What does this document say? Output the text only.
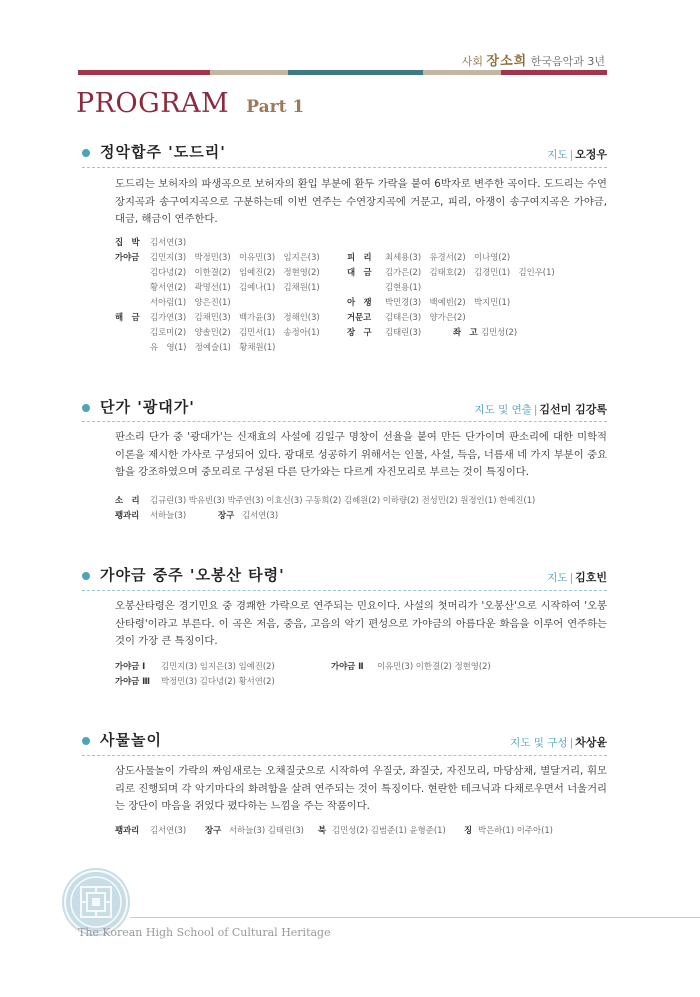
사회 장소희 한국음악과 3년
PROGRAM Part 1
정악합주 '도드리'	지도 | 오정우
도드리는 보허자의 파생곡으로 보허자의 환입 부분에 환두 가락을 붙여 6박자로 변주한 곡이다. 도드리는 수연장지곡과 송구여지곡으로 구분하는데 이번 연주는 수연장지곡에 거문고, 피리, 아쟁이 송구여지곡은 가야금, 대금, 해금이 연주한다.
집　박 김서연(3)
가야금 김민지(3)　박정민(3)　이유민(3)　임지은(3)	피　리 최세용(3)　유경서(2)　이나영(2)
김다녕(2)　이한결(2)　임예진(2)　정현영(2)	대　금 김가은(2)　김태호(2)　김경민(1)　김인우(1)
황서연(2)　곽명선(1)　김예나(1)　김채원(1)	김현용(1)
서아림(1)　양은진(1)	아　쟁 박민경(3)　백예빈(2)　박지민(1)
해　금 김가연(3)　김채민(3)　백가윤(3)　정해인(3)	거문고 김태은(3)　양가은(2)
김로미(2)　양솔민(2)　김민서(1)　송정아(1)	장　구 김태린(3)	좌　고 김민성(2)
유　영(1)　정예슬(1)　황채원(1)
단가 '광대가'	지도 및 연출 | 김선미 김강록
판소리 단가 중 '광대가'는 신재효의 사설에 김일구 명창이 선율을 붙여 만든 단가이며 판소리에 대한 미학적 이론을 제시한 가사로 구성되어 있다. 광대로 성공하기 위해서는 인물, 사설, 득음, 너름새 네 가지 부분이 중요함을 강조하였으며 중모리로 구성된 다른 단가와는 다르게 자진모리로 부르는 것이 특징이다.
소　리 김규린(3) 박유빈(3) 박주연(3) 이효신(3) 구동희(2) 김혜원(2) 이하량(2) 전성민(2) 원정인(1) 한예진(1)
꽹과리 서하늘(3)	장구 김서연(3)
가야금 중주 '오봉산 타령'	지도 | 김호빈
오봉산타령은 경기민요 중 경쾌한 가락으로 연주되는 민요이다. 사설의 첫머리가 '오봉산'으로 시작하여 '오봉산타령'이라고 부른다. 이 곡은 저음, 중음, 고음의 악기 편성으로 가야금의 아름다운 화음을 이루어 연주하는 것이 가장 큰 특징이다.
가야금 Ⅰ 김민지(3) 임지은(3) 임예진(2)	가야금 Ⅱ 이유민(3) 이한결(2) 정현영(2)
가야금 Ⅲ 박정민(3) 김다녕(2) 황서연(2)
사물놀이	지도 및 구성 | 차상윤
삼도사물놀이 가락의 짜임새로는 오채질굿으로 시작하여 우질굿, 좌질굿, 자진모리, 마당삼채, 별달거리, 휘모리로 진행되며 각 악기마다의 화려함을 살려 연주되는 것이 특징이다. 현란한 테크닉과 다채로우면서 너울거리는 장단이 마음을 쥐었다 폈다하는 느낌을 주는 작품이다.
꽹과리 김서연(3) 장구 서하늘(3) 김태린(3) 북 김민성(2) 김범준(1) 윤형준(1) 징 박은하(1) 이주아(1)
The Korean High School of Cultural Heritage
